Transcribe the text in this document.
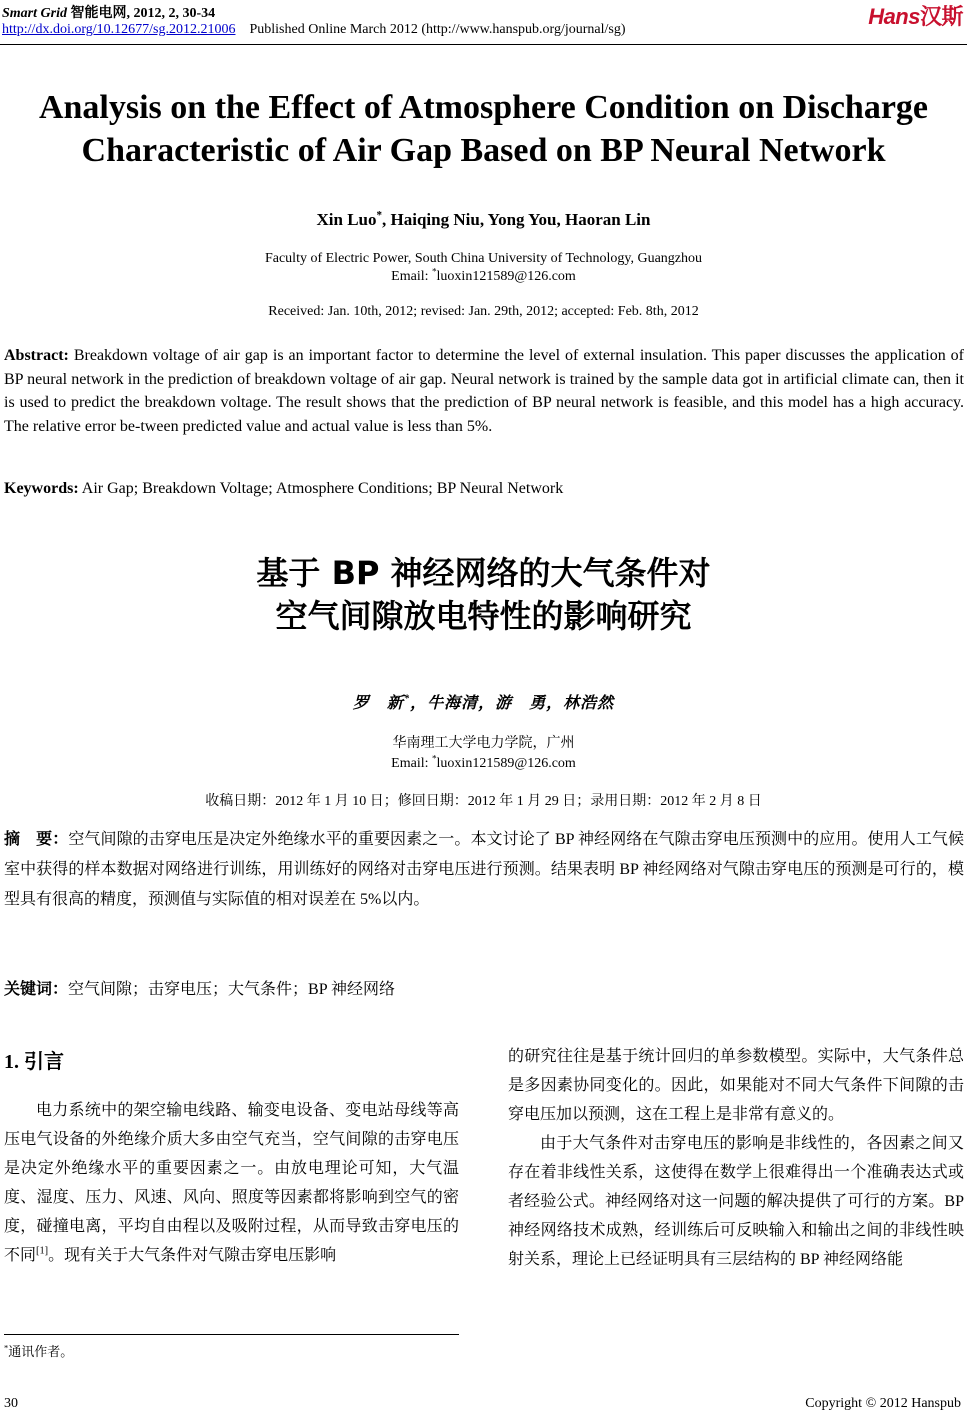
Smart Grid 智能电网, 2012, 2, 30-34
http://dx.doi.org/10.12677/sg.2012.21006 Published Online March 2012 (http://www.hanspub.org/journal/sg)
Hans汉斯
Analysis on the Effect of Atmosphere Condition on Discharge
Characteristic of Air Gap Based on BP Neural Network
Xin Luo*, Haiqing Niu, Yong You, Haoran Lin
Faculty of Electric Power, South China University of Technology, Guangzhou
Email: *luoxin121589@126.com
Received: Jan. 10th, 2012; revised: Jan. 29th, 2012; accepted: Feb. 8th, 2012
Abstract: Breakdown voltage of air gap is an important factor to determine the level of external insulation. This paper discusses the application of BP neural network in the prediction of breakdown voltage of air gap. Neural network is trained by the sample data got in artificial climate can, then it is used to predict the breakdown voltage. The result shows that the prediction of BP neural network is feasible, and this model has a high accuracy. The relative error be-tween predicted value and actual value is less than 5%.
Keywords: Air Gap; Breakdown Voltage; Atmosphere Conditions; BP Neural Network
基于 BP 神经网络的大气条件对
空气间隙放电特性的影响研究
罗　新*，牛海清，游　勇，林浩然
华南理工大学电力学院，广州
Email: *luoxin121589@126.com
收稿日期：2012 年 1 月 10 日；修回日期：2012 年 1 月 29 日；录用日期：2012 年 2 月 8 日
摘　要：空气间隙的击穿电压是决定外绝缘水平的重要因素之一。本文讨论了 BP 神经网络在气隙击穿电压预测中的应用。使用人工气候室中获得的样本数据对网络进行训练，用训练好的网络对击穿电压进行预测。结果表明 BP 神经网络对气隙击穿电压的预测是可行的，模型具有很高的精度，预测值与实际值的相对误差在 5%以内。
关键词：空气间隙；击穿电压；大气条件；BP 神经网络
1. 引言

电力系统中的架空输电线路、输变电设备、变电站母线等高压电气设备的外绝缘介质大多由空气充当，空气间隙的击穿电压是决定外绝缘水平的重要因素之一。由放电理论可知，大气温度、湿度、压力、风速、风向、照度等因素都将影响到空气的密度，碰撞电离，平均自由程以及吸附过程，从而导致击穿电压的不同[1]。现有关于大气条件对气隙击穿电压影响

的研究往往是基于统计回归的单参数模型。实际中，大气条件总是多因素协同变化的。因此，如果能对不同大气条件下间隙的击穿电压加以预测，这在工程上是非常有意义的。

由于大气条件对击穿电压的影响是非线性的，各因素之间又存在着非线性关系，这使得在数学上很难得出一个准确表达式或者经验公式。神经网络对这一问题的解决提供了可行的方案。BP 神经网络技术成熟，经训练后可反映输入和输出之间的非线性映射关系，理论上已经证明具有三层结构的 BP 神经网络能

*通讯作者。
30	Copyright © 2012 Hanspub
